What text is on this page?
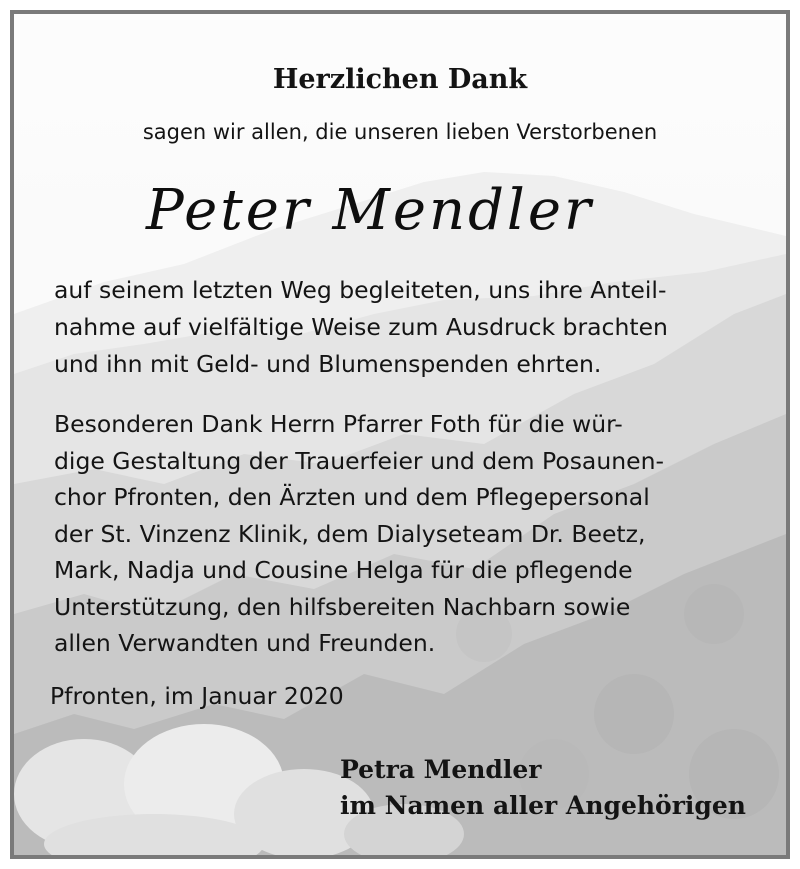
Herzlichen Dank
sagen wir allen, die unseren lieben Verstorbenen
Peter Mendler
auf seinem letzten Weg begleiteten, uns ihre Anteil-
nahme auf vielfältige Weise zum Ausdruck brachten
und ihn mit Geld- und Blumenspenden ehrten.
Besonderen Dank Herrn Pfarrer Foth für die wür-
dige Gestaltung der Trauerfeier und dem Posaunen-
chor Pfronten, den Ärzten und dem Pflegepersonal
der St. Vinzenz Klinik, dem Dialyseteam Dr. Beetz,
Mark, Nadja und Cousine Helga für die pflegende
Unterstützung, den hilfsbereiten Nachbarn sowie
allen Verwandten und Freunden.
Pfronten, im Januar 2020
Petra Mendler
im Namen aller Angehörigen
